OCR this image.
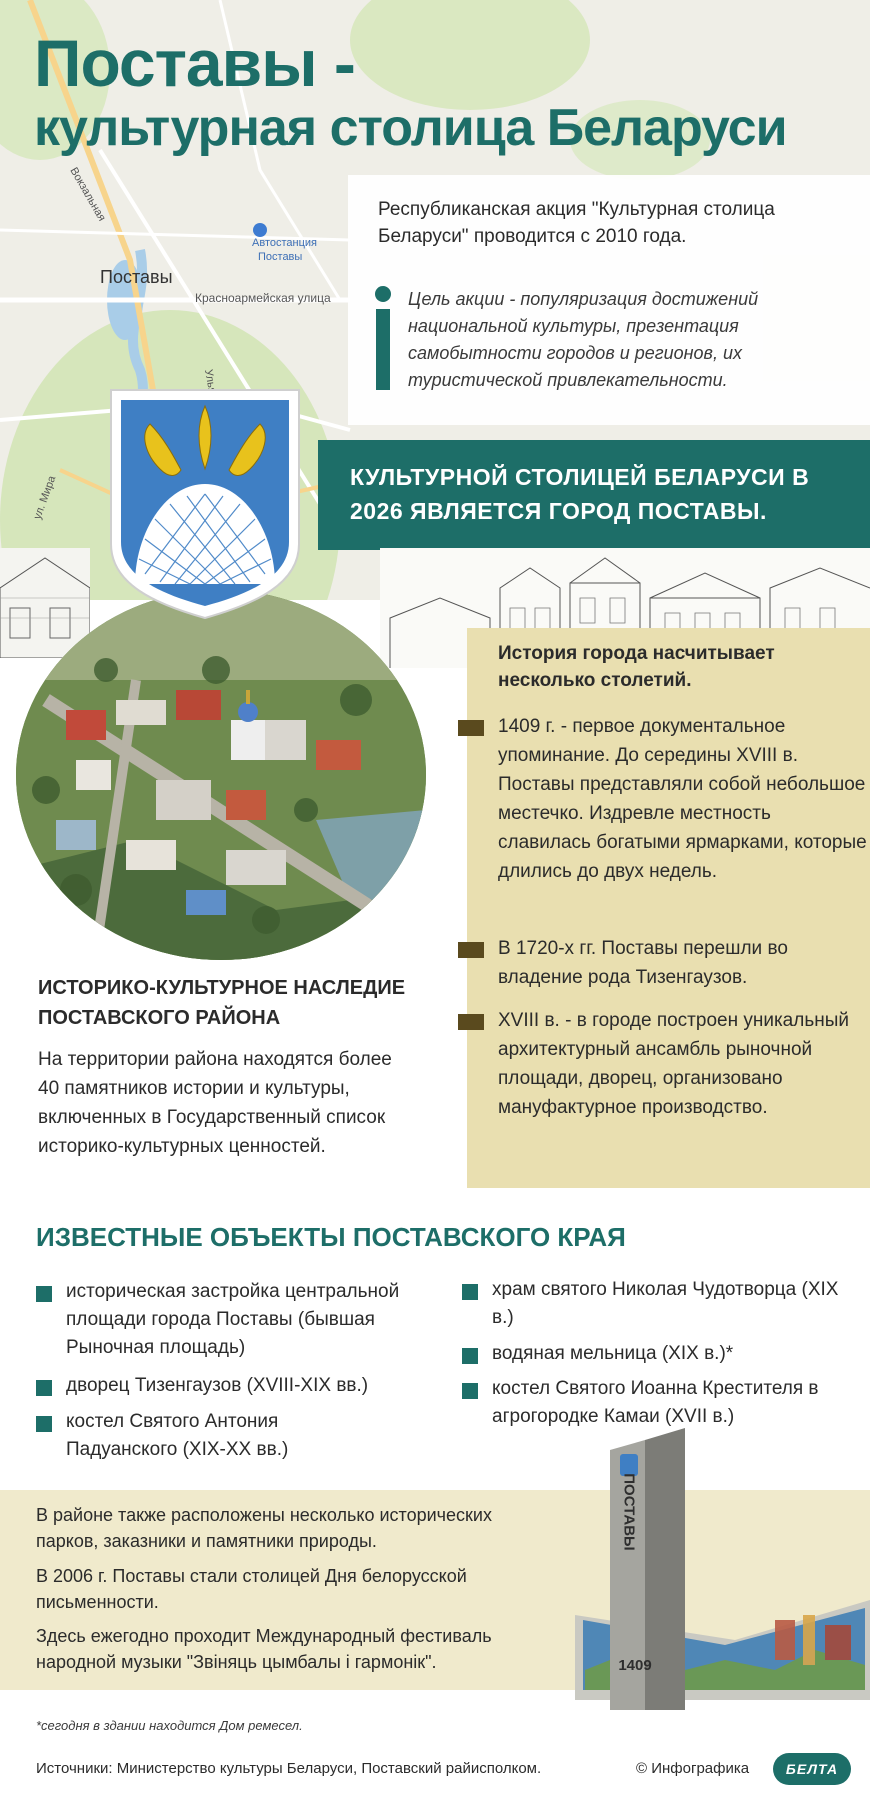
Автостанция
Поставы
Поставы
Красноармейская улица
Вокзальная
ул. Мира
Поставы -
культурная столица Беларуси
Республиканская акция "Культурная столица Беларуси" проводится с 2010 года.
Цель акции - популяризация достижений национальной культуры, презентация самобытности городов и регионов, их туристической привлекательности.
КУЛЬТУРНОЙ СТОЛИЦЕЙ БЕЛАРУСИ В 2026 ЯВЛЯЕТСЯ ГОРОД ПОСТАВЫ.
История города насчитывает несколько столетий.
1409 г. - первое документальное упоминание. До середины XVIII в. Поставы представляли собой небольшое местечко. Издревле местность славилась богатыми ярмарками, которые длились до двух недель.
В 1720-х гг. Поставы перешли во владение рода Тизенгаузов.
XVIII в. - в городе построен уникальный архитектурный ансамбль рыночной площади, дворец, организовано мануфактурное производство.
ИСТОРИКО-КУЛЬТУРНОЕ НАСЛЕДИЕ ПОСТАВСКОГО РАЙОНА
На территории района находятся более 40 памятников истории и культуры, включенных в Государственный список историко-культурных ценностей.
ИЗВЕСТНЫЕ ОБЪЕКТЫ ПОСТАВСКОГО КРАЯ
историческая застройка центральной площади города Поставы (бывшая Рыночная площадь)
дворец Тизенгаузов (XVIII-XIX вв.)
костел Святого Антония Падуанского (XIX-XX вв.)
храм святого Николая Чудотворца (XIX в.)
водяная мельница (XIX в.)*
костел Святого Иоанна Крестителя в агрогородке Камаи (XVII в.)
В районе также расположены несколько исторических парков, заказники и памятники природы.
В 2006 г. Поставы стали столицей Дня белорусской письменности.
Здесь ежегодно проходит Международный фестиваль народной музыки "Звіняць цымбалы і гармонік".
ПОСТАВЫ
1409
*сегодня в здании находится Дом ремесел.
Источники: Министерство культуры Беларуси, Поставский райисполком.	© Инфографика	БЕЛТА
